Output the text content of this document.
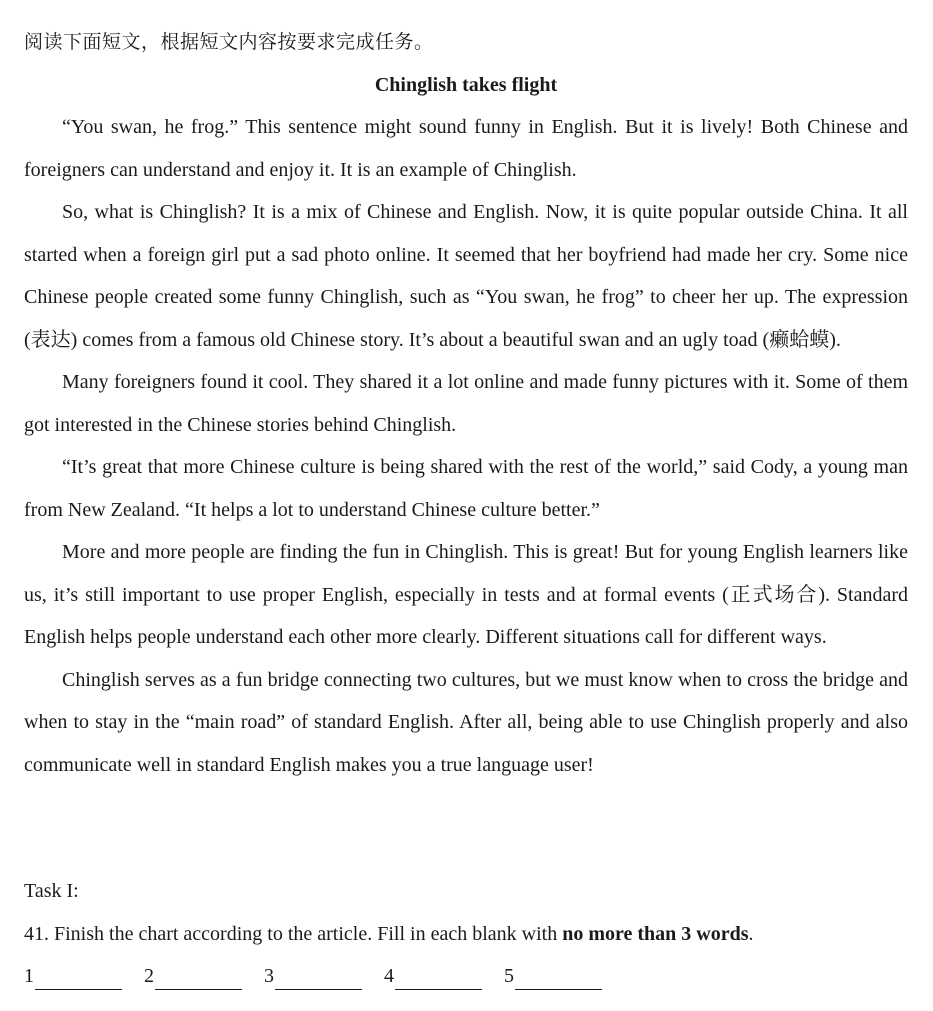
阅读下面短文，根据短文内容按要求完成任务。
Chinglish takes flight

“You swan, he frog.” This sentence might sound funny in English. But it is lively! Both Chinese and foreigners can understand and enjoy it. It is an example of Chinglish.

So, what is Chinglish? It is a mix of Chinese and English. Now, it is quite popular outside China. It all started when a foreign girl put a sad photo online. It seemed that her boyfriend had made her cry. Some nice Chinese people created some funny Chinglish, such as “You swan, he frog” to cheer her up. The expression (表达) comes from a famous old Chinese story. It’s about a beautiful swan and an ugly toad (癞蛤蟆).

Many foreigners found it cool. They shared it a lot online and made funny pictures with it. Some of them got interested in the Chinese stories behind Chinglish.

“It’s great that more Chinese culture is being shared with the rest of the world,” said Cody, a young man from New Zealand. “It helps a lot to understand Chinese culture better.”

More and more people are finding the fun in Chinglish. This is great! But for young English learners like us, it’s still important to use proper English, especially in tests and at formal events (正式场合). Standard English helps people understand each other more clearly. Different situations call for different ways.

Chinglish serves as a fun bridge connecting two cultures, but we must know when to cross the bridge and when to stay in the “main road” of standard English. After all, being able to use Chinglish properly and also communicate well in standard English makes you a true language user!

Task I:
41. Finish the chart according to the article. Fill in each blank with no more than 3 words.
1	2	3	4	5
